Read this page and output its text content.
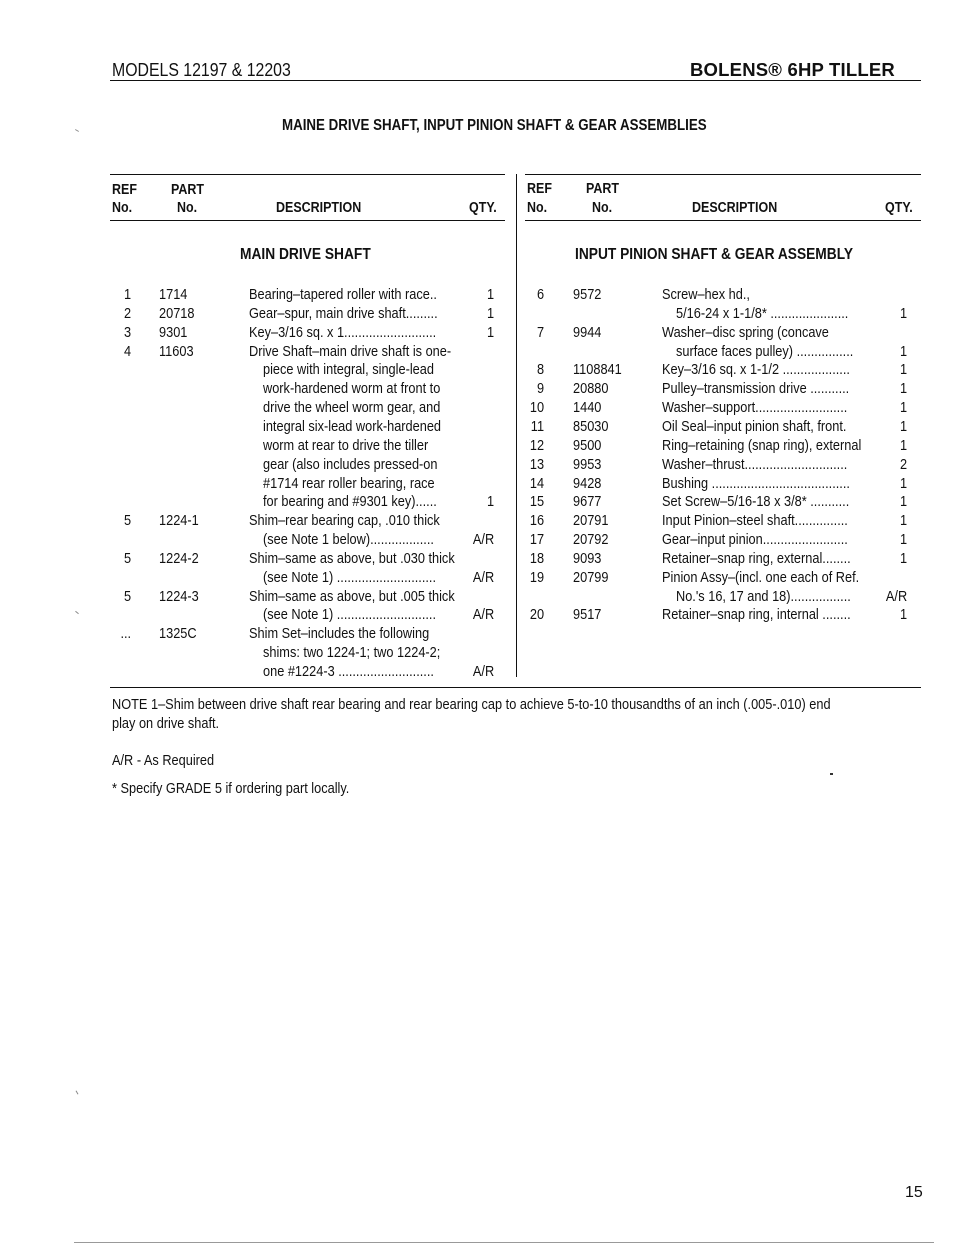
MODELS 12197 & 12203	BOLENS® 6HP TILLER
MAINE DRIVE SHAFT, INPUT PINION SHAFT & GEAR ASSEMBLIES
REF
No.
PART
No.	DESCRIPTION	QTY.
REF
No.
PART
No.	DESCRIPTION	QTY.
MAIN DRIVE SHAFT	INPUT PINION SHAFT & GEAR ASSEMBLY
1 1714	Bearing–tapered roller with race..	1
2 20718	Gear–spur, main drive shaft.........	1
3 9301	Key–3/16 sq. x 1..........................	1
4 11603	Drive Shaft–main drive shaft is one-
piece with integral, single-lead
work-hardened worm at front to
drive the wheel worm gear, and
integral six-lead work-hardened
worm at rear to drive the tiller
gear (also includes pressed-on
#1714 rear roller bearing, race
for bearing and #9301 key)......	1
5 1224-1	Shim–rear bearing cap, .010 thick
(see Note 1 below)..................	A/R
5 1224-2	Shim–same as above, but .030 thick
(see Note 1) ............................	A/R
5 1224-3	Shim–same as above, but .005 thick
(see Note 1) ............................	A/R
... 1325C	Shim Set–includes the following
shims: two 1224-1; two 1224-2;
one #1224-3 ...........................	A/R
6 9572	Screw–hex hd.,
5/16-24 x 1-1/8* ......................	1
7 9944	Washer–disc spring (concave
surface faces pulley) ................	1
8 1108841	Key–3/16 sq. x 1-1/2 ...................	1
9 20880	Pulley–transmission drive ...........	1
10 1440	Washer–support..........................	1
11 85030	Oil Seal–input pinion shaft, front.	1
12 9500	Ring–retaining (snap ring), external	1
13 9953	Washer–thrust.............................	2
14 9428	Bushing .......................................	1
15 9677	Set Screw–5/16-18 x 3/8* ...........	1
16 20791	Input Pinion–steel shaft...............	1
17 20792	Gear–input pinion........................	1
18 9093	Retainer–snap ring, external........	1
19 20799	Pinion Assy–(incl. one each of Ref.
No.'s 16, 17 and 18)................. A/R
20 9517	Retainer–snap ring, internal ........	1
NOTE 1–Shim between drive shaft rear bearing and rear bearing cap to achieve 5-to-10 thousandths of an inch (.005-.010) end
play on drive shaft.
A/R - As Required
* Specify GRADE 5 if ordering part locally.
15
